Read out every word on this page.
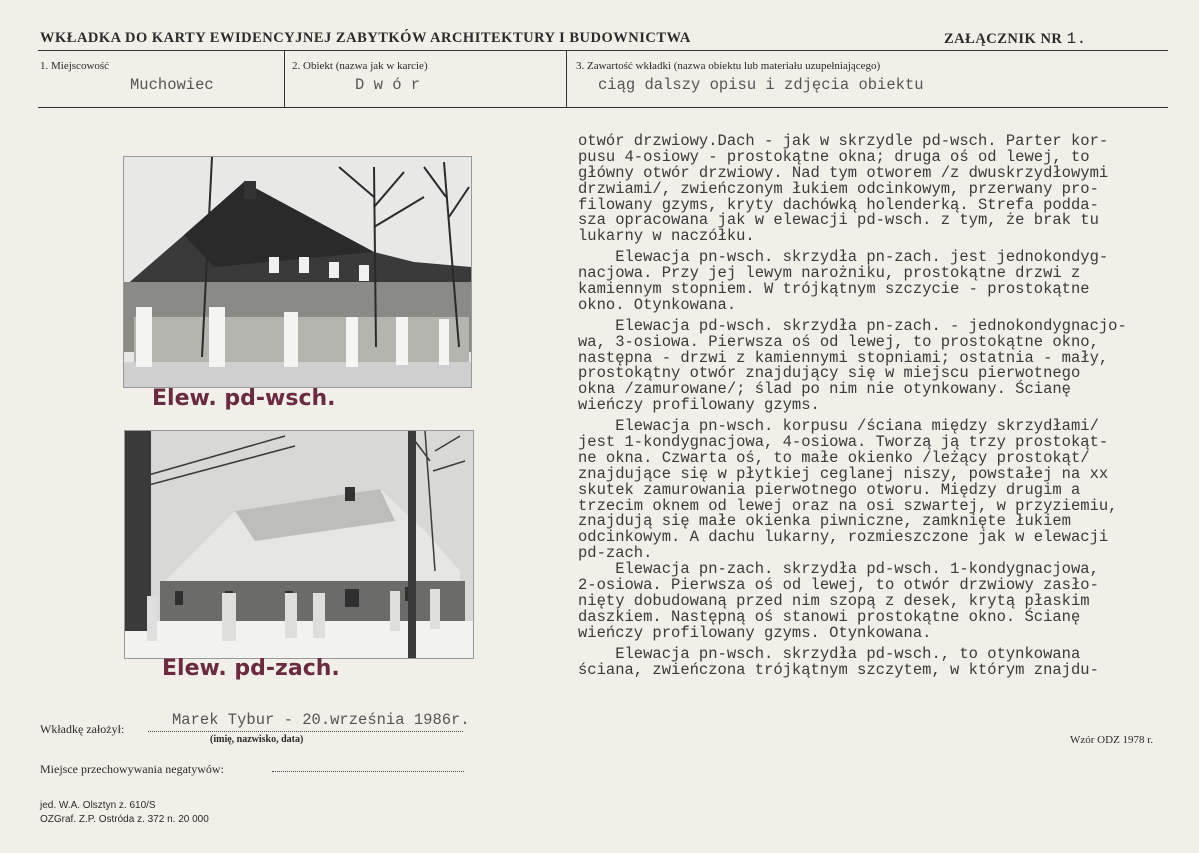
WKŁADKA DO KARTY EWIDENCYJNEJ ZABYTKÓW ARCHITEKTURY I BUDOWNICTWA	ZAŁĄCZNIK NR 1.
1. Miejscowość
Muchowiec
2. Obiekt (nazwa jak w karcie)
D w ó r
3. Zawartość wkładki (nazwa obiektu lub materiału uzupełniającego)
ciąg dalszy opisu i zdjęcia obiektu
Elew. pd-wsch.
Elew. pd-zach.
otwór drzwiowy.Dach - jak w skrzydle pd-wsch. Parter kor-
pusu 4-osiowy - prostokątne okna; druga oś od lewej, to
główny otwór drzwiowy. Nad tym otworem /z dwuskrzydłowymi
drzwiami/, zwieńczonym łukiem odcinkowym, przerwany pro-
filowany gzyms, kryty dachówką holenderką. Strefa podda-
sza opracowana jak w elewacji pd-wsch. z tym, że brak tu
lukarny w naczółku.
Elewacja pn-wsch. skrzydła pn-zach. jest jednokondyg-
nacjowa. Przy jej lewym narożniku, prostokątne drzwi z
kamiennym stopniem. W trójkątnym szczycie - prostokątne
okno. Otynkowana.
Elewacja pd-wsch. skrzydła pn-zach. - jednokondygnacjo-
wa, 3-osiowa. Pierwsza oś od lewej, to prostokątne okno,
następna - drzwi z kamiennymi stopniami; ostatnia - mały,
prostokątny otwór znajdujący się w miejscu pierwotnego
okna /zamurowane/; ślad po nim nie otynkowany. Ścianę
wieńczy profilowany gzyms.
Elewacja pn-wsch. korpusu /ściana między skrzydłami/
jest 1-kondygnacjowa, 4-osiowa. Tworzą ją trzy prostokąt-
ne okna. Czwarta oś, to małe okienko /leżący prostokąt/
znajdujące się w płytkiej ceglanej niszy, powstałej na xx
skutek zamurowania pierwotnego otworu. Między drugim a
trzecim oknem od lewej oraz na osi szwartej, w przyziemiu,
znajdują się małe okienka piwniczne, zamknięte łukiem
odcinkowym. A dachu lukarny, rozmieszczone jak w elewacji
pd-zach.
Elewacja pn-zach. skrzydła pd-wsch. 1-kondygnacjowa,
2-osiowa. Pierwsza oś od lewej, to otwór drzwiowy zasło-
nięty dobudowaną przed nim szopą z desek, krytą płaskim
daszkiem. Następną oś stanowi prostokątne okno. Ścianę
wieńczy profilowany gzyms. Otynkowana.
Elewacja pn-wsch. skrzydła pd-wsch., to otynkowana
ściana, zwieńczona trójkątnym szczytem, w którym znajdu-
Wkładkę założył:	Marek Tybur - 20.września 1986r.
(imię, nazwisko, data)	Wzór ODZ 1978 r.
Miejsce przechowywania negatywów:
jed. W.A. Olsztyn z. 610/S
OZGraf. Z.P. Ostróda z. 372 n. 20 000
